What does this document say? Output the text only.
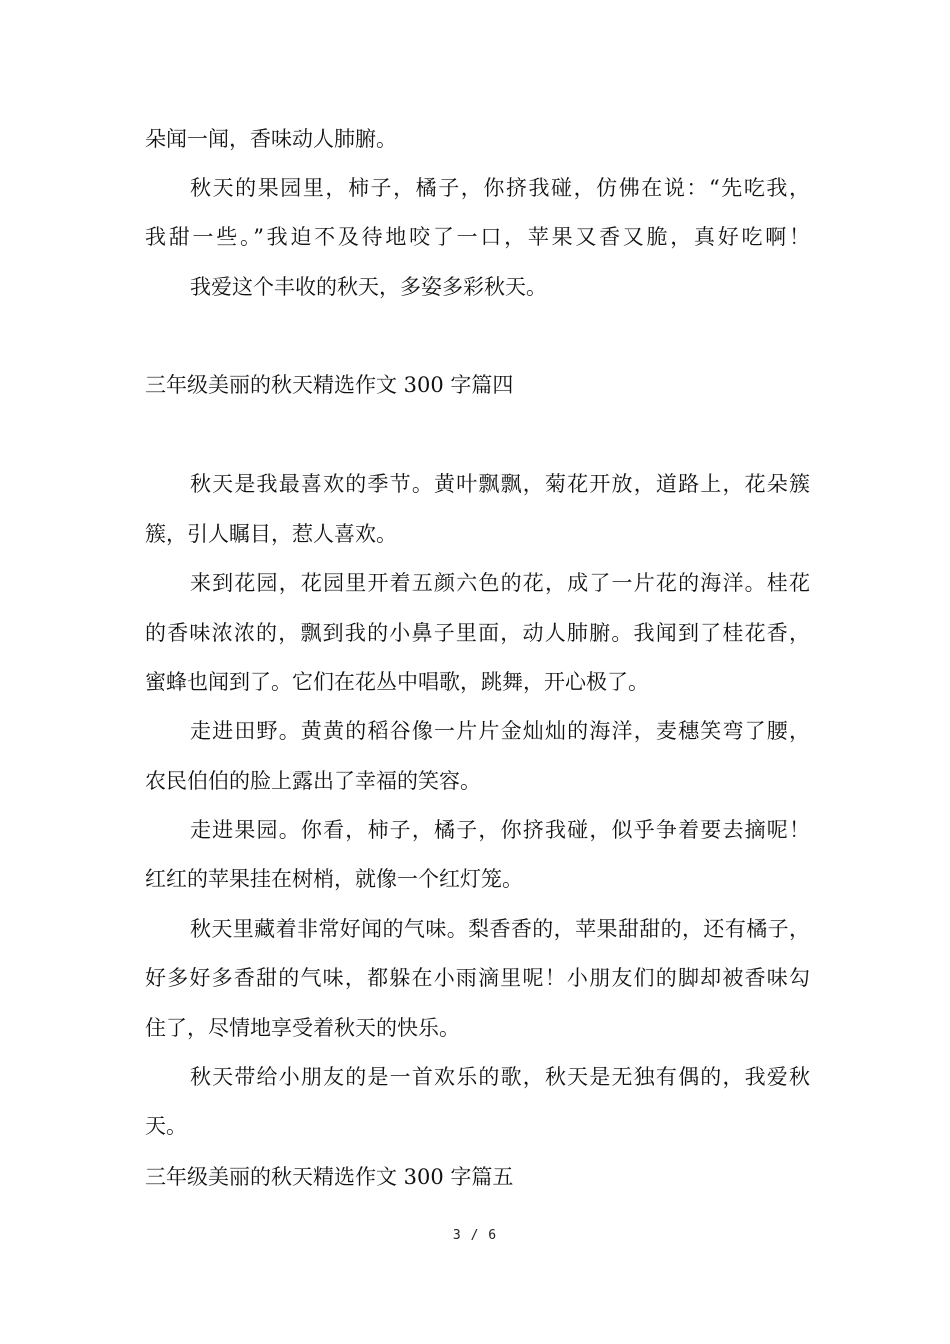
朵闻一闻，香味动人肺腑。
秋天的果园里，柿子，橘子，你挤我碰，仿佛在说：“先吃我，
我甜一些。”我迫不及待地咬了一口，苹果又香又脆，真好吃啊！
我爱这个丰收的秋天，多姿多彩秋天。
三年级美丽的秋天精选作文 300 字篇四
秋天是我最喜欢的季节。黄叶飘飘，菊花开放，道路上，花朵簇
簇，引人瞩目，惹人喜欢。
来到花园，花园里开着五颜六色的花，成了一片花的海洋。桂花
的香味浓浓的，飘到我的小鼻子里面，动人肺腑。我闻到了桂花香，
蜜蜂也闻到了。它们在花丛中唱歌，跳舞，开心极了。
走进田野。黄黄的稻谷像一片片金灿灿的海洋，麦穗笑弯了腰，
农民伯伯的脸上露出了幸福的笑容。
走进果园。你看，柿子，橘子，你挤我碰，似乎争着要去摘呢！
红红的苹果挂在树梢，就像一个红灯笼。
秋天里藏着非常好闻的气味。梨香香的，苹果甜甜的，还有橘子，
好多好多香甜的气味，都躲在小雨滴里呢！小朋友们的脚却被香味勾
住了，尽情地享受着秋天的快乐。
秋天带给小朋友的是一首欢乐的歌，秋天是无独有偶的，我爱秋
天。
三年级美丽的秋天精选作文 300 字篇五
3 / 6
